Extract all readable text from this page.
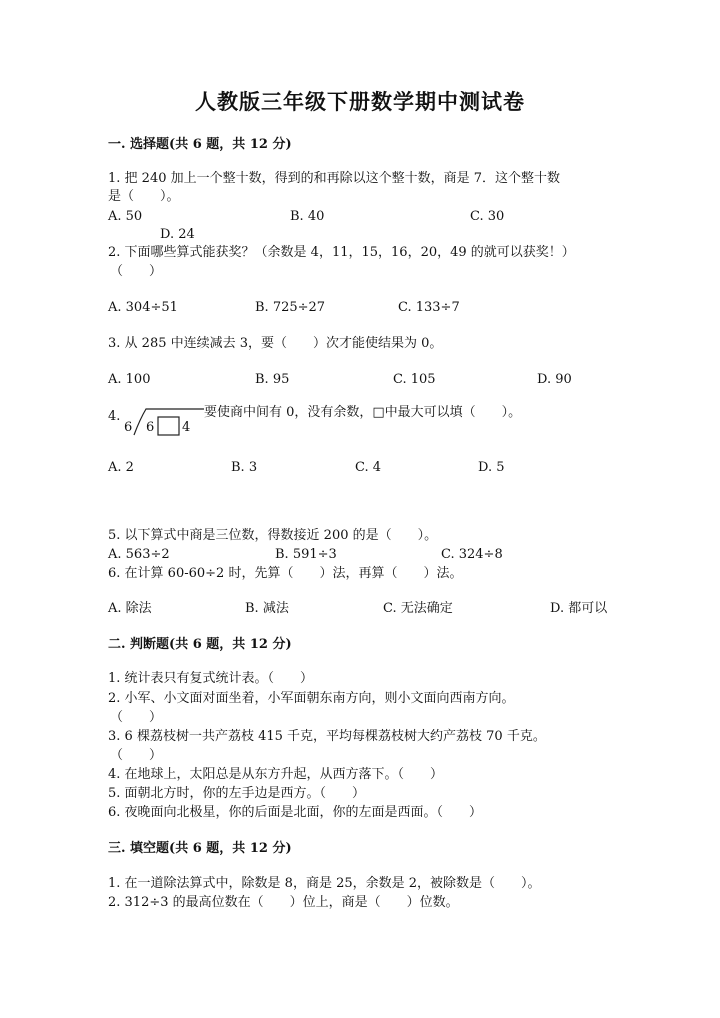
人教版三年级下册数学期中测试卷
一. 选择题(共 6 题，共 12 分)
1. 把 240 加上一个整十数，得到的和再除以这个整十数，商是 7．这个整十数
是（　　）。
A. 50	B. 40	C. 30
D. 24
2. 下面哪些算式能获奖？（余数是 4，11，15，16，20，49 的就可以获奖！）
（　　）
A. 304÷51	B. 725÷27	C. 133÷7
3. 从 285 中连续减去 3，要（　　）次才能使结果为 0。
A. 100	B. 95	C. 105	D. 90
4.
6 6 4
要使商中间有 0，没有余数，□中最大可以填（　　）。
A. 2	B. 3	C. 4	D. 5
5. 以下算式中商是三位数，得数接近 200 的是（　　）。
A. 563÷2	B. 591÷3	C. 324÷8
6. 在计算 60-60÷2 时，先算（　　）法，再算（　　）法。
A. 除法	B. 减法	C. 无法确定	D. 都可以
二. 判断题(共 6 题，共 12 分)
1. 统计表只有复式统计表。（　　）
2. 小军、小文面对面坐着，小军面朝东南方向，则小文面向西南方向。
（　　）
3. 6 棵荔枝树一共产荔枝 415 千克，平均每棵荔枝树大约产荔枝 70 千克。
（　　）
4. 在地球上，太阳总是从东方升起，从西方落下。（　　）
5. 面朝北方时，你的左手边是西方。（　　）
6. 夜晚面向北极星，你的后面是北面，你的左面是西面。（　　）
三. 填空题(共 6 题，共 12 分)
1. 在一道除法算式中，除数是 8，商是 25，余数是 2，被除数是（　　）。
2. 312÷3 的最高位数在（　　）位上，商是（　　）位数。
